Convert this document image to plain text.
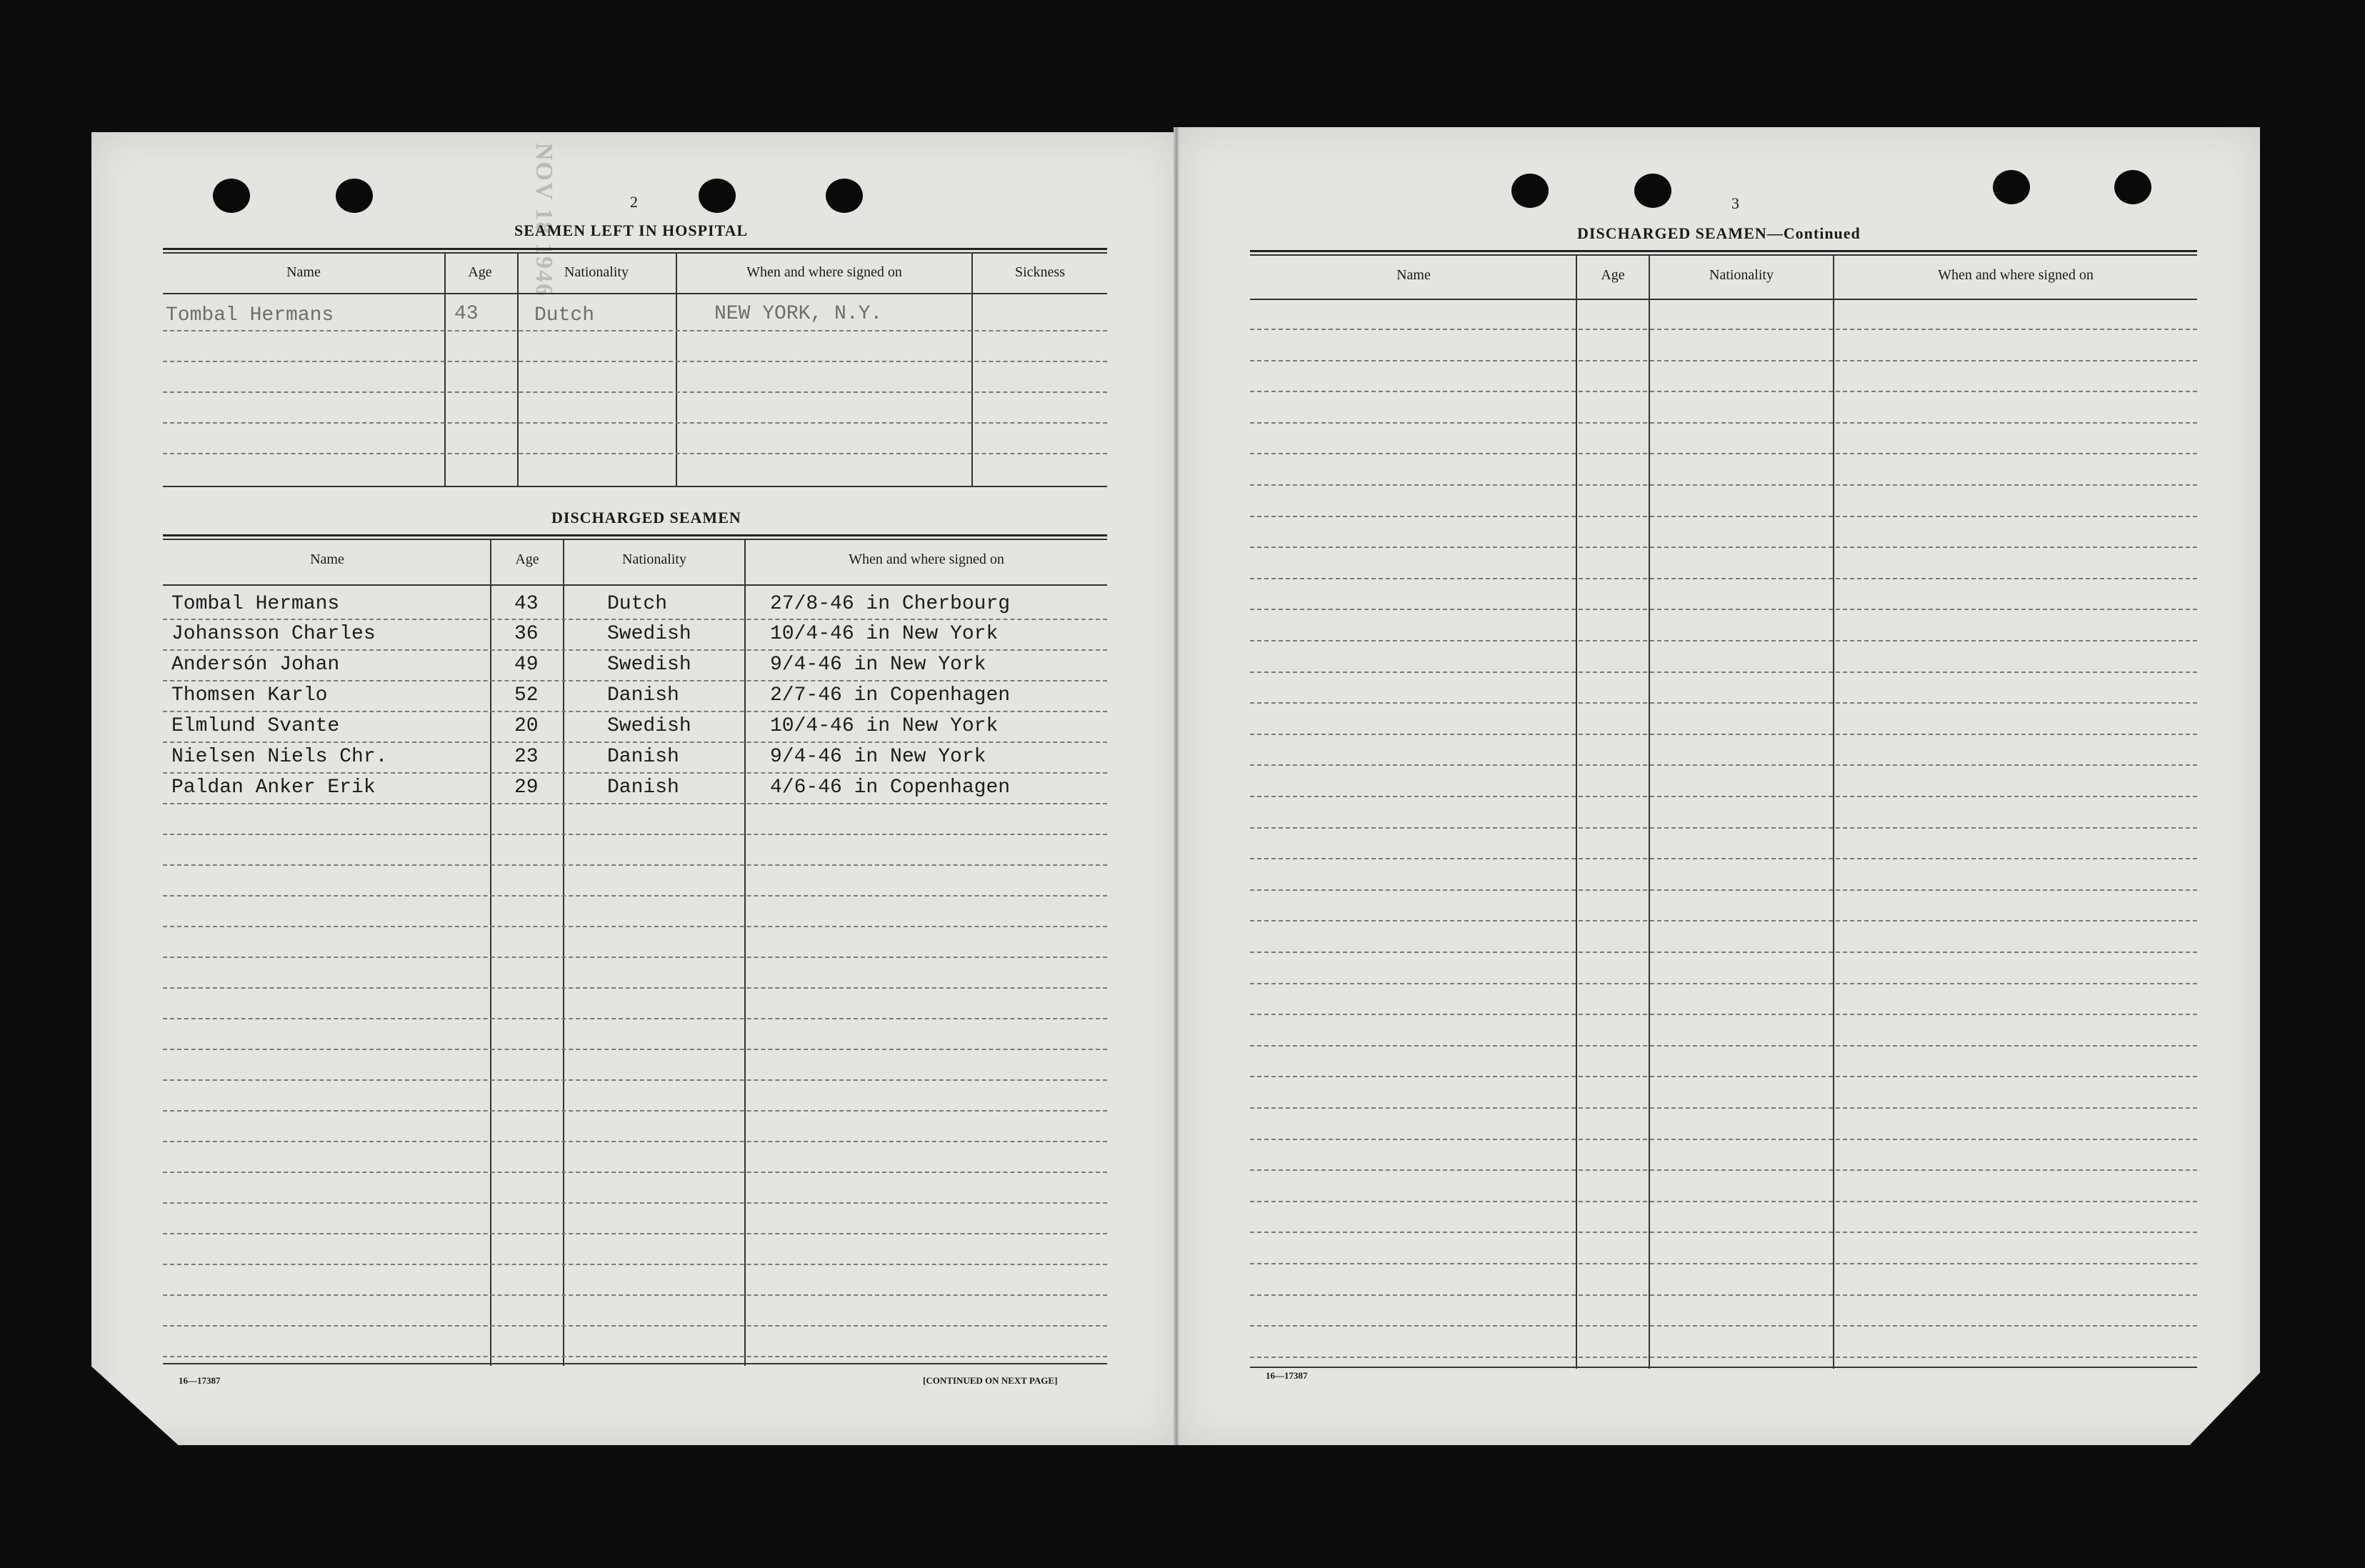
NOV 18 1946	2
SEAMEN LEFT IN HOSPITAL
Name	Age	Nationality	When and where signed on	Sickness
Tombal Hermans	43	Dutch	NEW YORK, N.Y.
DISCHARGED SEAMEN
Name	Age	Nationality	When and where signed on
Tombal Hermans	43	Dutch	27/8-46 in Cherbourg
Johansson Charles	36	Swedish	10/4-46 in New York
Andersón Johan	49	Swedish	9/4-46 in New York
Thomsen Karlo	52	Danish	2/7-46 in Copenhagen
Elmlund Svante	20	Swedish	10/4-46 in New York
Nielsen Niels Chr.	23	Danish	9/4-46 in New York
Paldan Anker Erik	29	Danish	4/6-46 in Copenhagen
16—17387	[CONTINUED ON NEXT PAGE]
3
DISCHARGED SEAMEN—Continued
Name	Age	Nationality	When and where signed on
16—17387
